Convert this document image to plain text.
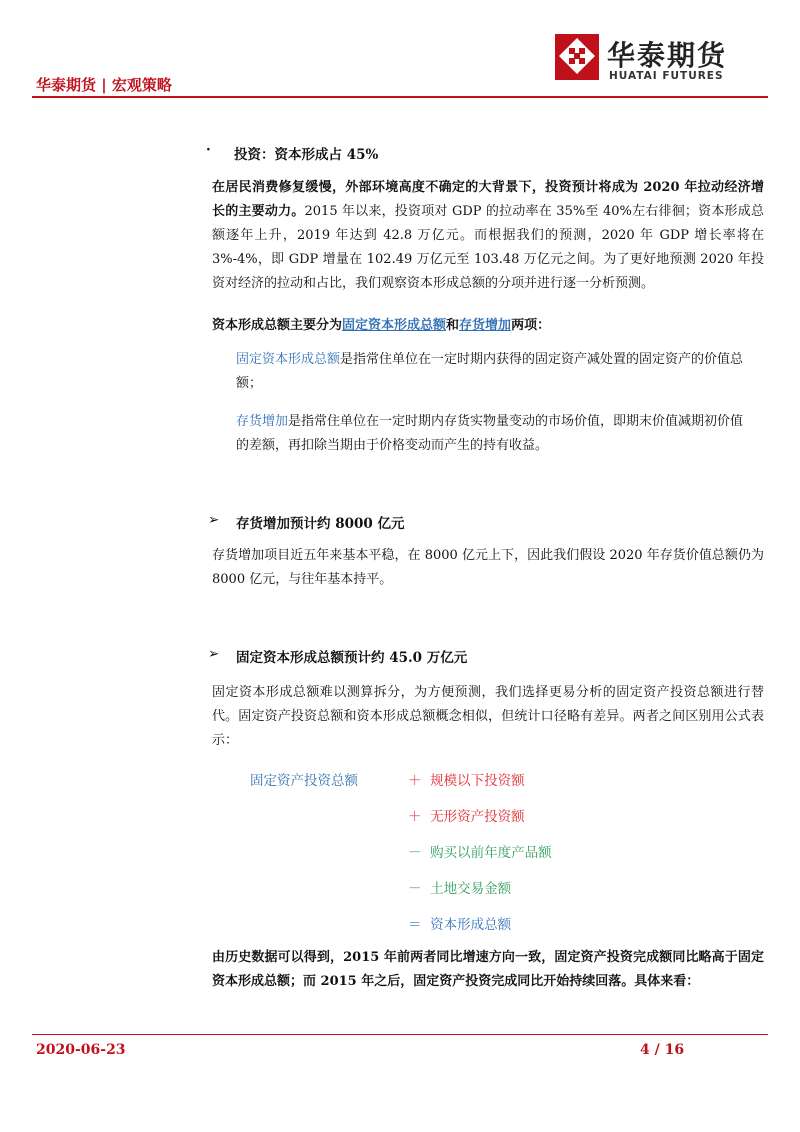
华泰期货 | 宏观策略
华泰期货
HUATAI FUTURES
· 投资：资本形成占 45%
在居民消费修复缓慢，外部环境高度不确定的大背景下，投资预计将成为 2020 年拉动经济增长的主要动力。2015 年以来，投资项对 GDP 的拉动率在 35%至 40%左右徘徊；资本形成总额逐年上升，2019 年达到 42.8 万亿元。而根据我们的预测，2020 年 GDP 增长率将在 3%-4%，即 GDP 增量在 102.49 万亿元至 103.48 万亿元之间。为了更好地预测 2020 年投资对经济的拉动和占比，我们观察资本形成总额的分项并进行逐一分析预测。
资本形成总额主要分为固定资本形成总额和存货增加两项：
固定资本形成总额是指常住单位在一定时期内获得的固定资产减处置的固定资产的价值总额；
存货增加是指常住单位在一定时期内存货实物量变动的市场价值，即期末价值减期初价值的差额，再扣除当期由于价格变动而产生的持有收益。
➢ 存货增加预计约 8000 亿元
存货增加项目近五年来基本平稳，在 8000 亿元上下，因此我们假设 2020 年存货价值总额仍为 8000 亿元，与往年基本持平。
➢ 固定资本形成总额预计约 45.0 万亿元
固定资本形成总额难以测算拆分，为方便预测，我们选择更易分析的固定资产投资总额进行替代。固定资产投资总额和资本形成总额概念相似，但统计口径略有差异。两者之间区别用公式表示：
固定资产投资总额	＋ 规模以下投资额
＋ 无形资产投资额
－ 购买以前年度产品额
－ 土地交易金额
＝ 资本形成总额
由历史数据可以得到，2015 年前两者同比增速方向一致，固定资产投资完成额同比略高于固定资本形成总额；而 2015 年之后，固定资产投资完成同比开始持续回落。具体来看：
2020-06-23	4 / 16
